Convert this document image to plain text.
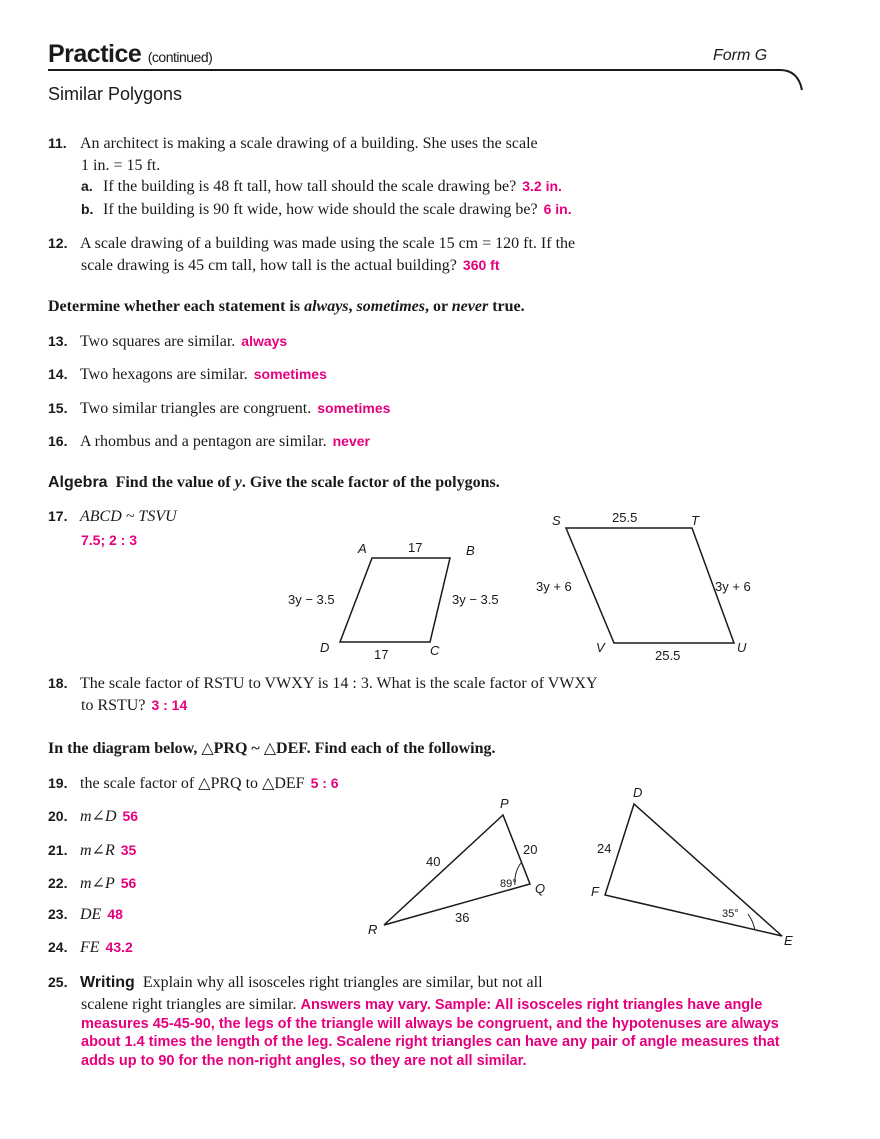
Practice (continued)	Form G
Similar Polygons
11. An architect is making a scale drawing of a building. She uses the scale
1 in. = 15 ft.
a. If the building is 48 ft tall, how tall should the scale drawing be? 3.2 in.
b. If the building is 90 ft wide, how wide should the scale drawing be? 6 in.
12. A scale drawing of a building was made using the scale 15 cm = 120 ft. If the
scale drawing is 45 cm tall, how tall is the actual building? 360 ft
Determine whether each statement is always, sometimes, or never true.
13. Two squares are similar. always
14. Two hexagons are similar. sometimes
15. Two similar triangles are congruent. sometimes
16. A rhombus and a pentagon are similar. never
Algebra Find the value of y. Give the scale factor of the polygons.
17. ABCD ~ TSVU
7.5; 2 : 3
A	B
C
D
17
17
3y − 3.5	3y − 3.5
S	T
U
V
25.5
25.5
3y + 6	3y + 6
18. The scale factor of RSTU to VWXY is 14 : 3. What is the scale factor of VWXY
to RSTU? 3 : 14
In the diagram below, △PRQ ~ △DEF. Find each of the following.
19. the scale factor of △PRQ to △DEF 5 : 6
20. m∠D 56
21. m∠R 35
22. m∠P 56
23. DE 48
24. FE 43.2
P
Q
R
40
20
36
89°
D
E
F
24
35°
25. Writing Explain why all isosceles right triangles are similar, but not all
scalene right triangles are similar. Answers may vary. Sample: All isosceles right triangles have angle measures 45-45-90, the legs of the triangle will always be congruent, and the hypotenuses are always about 1.4 times the length of the leg. Scalene right triangles can have any pair of angle measures that adds up to 90 for the non-right angles, so they are not all similar.
